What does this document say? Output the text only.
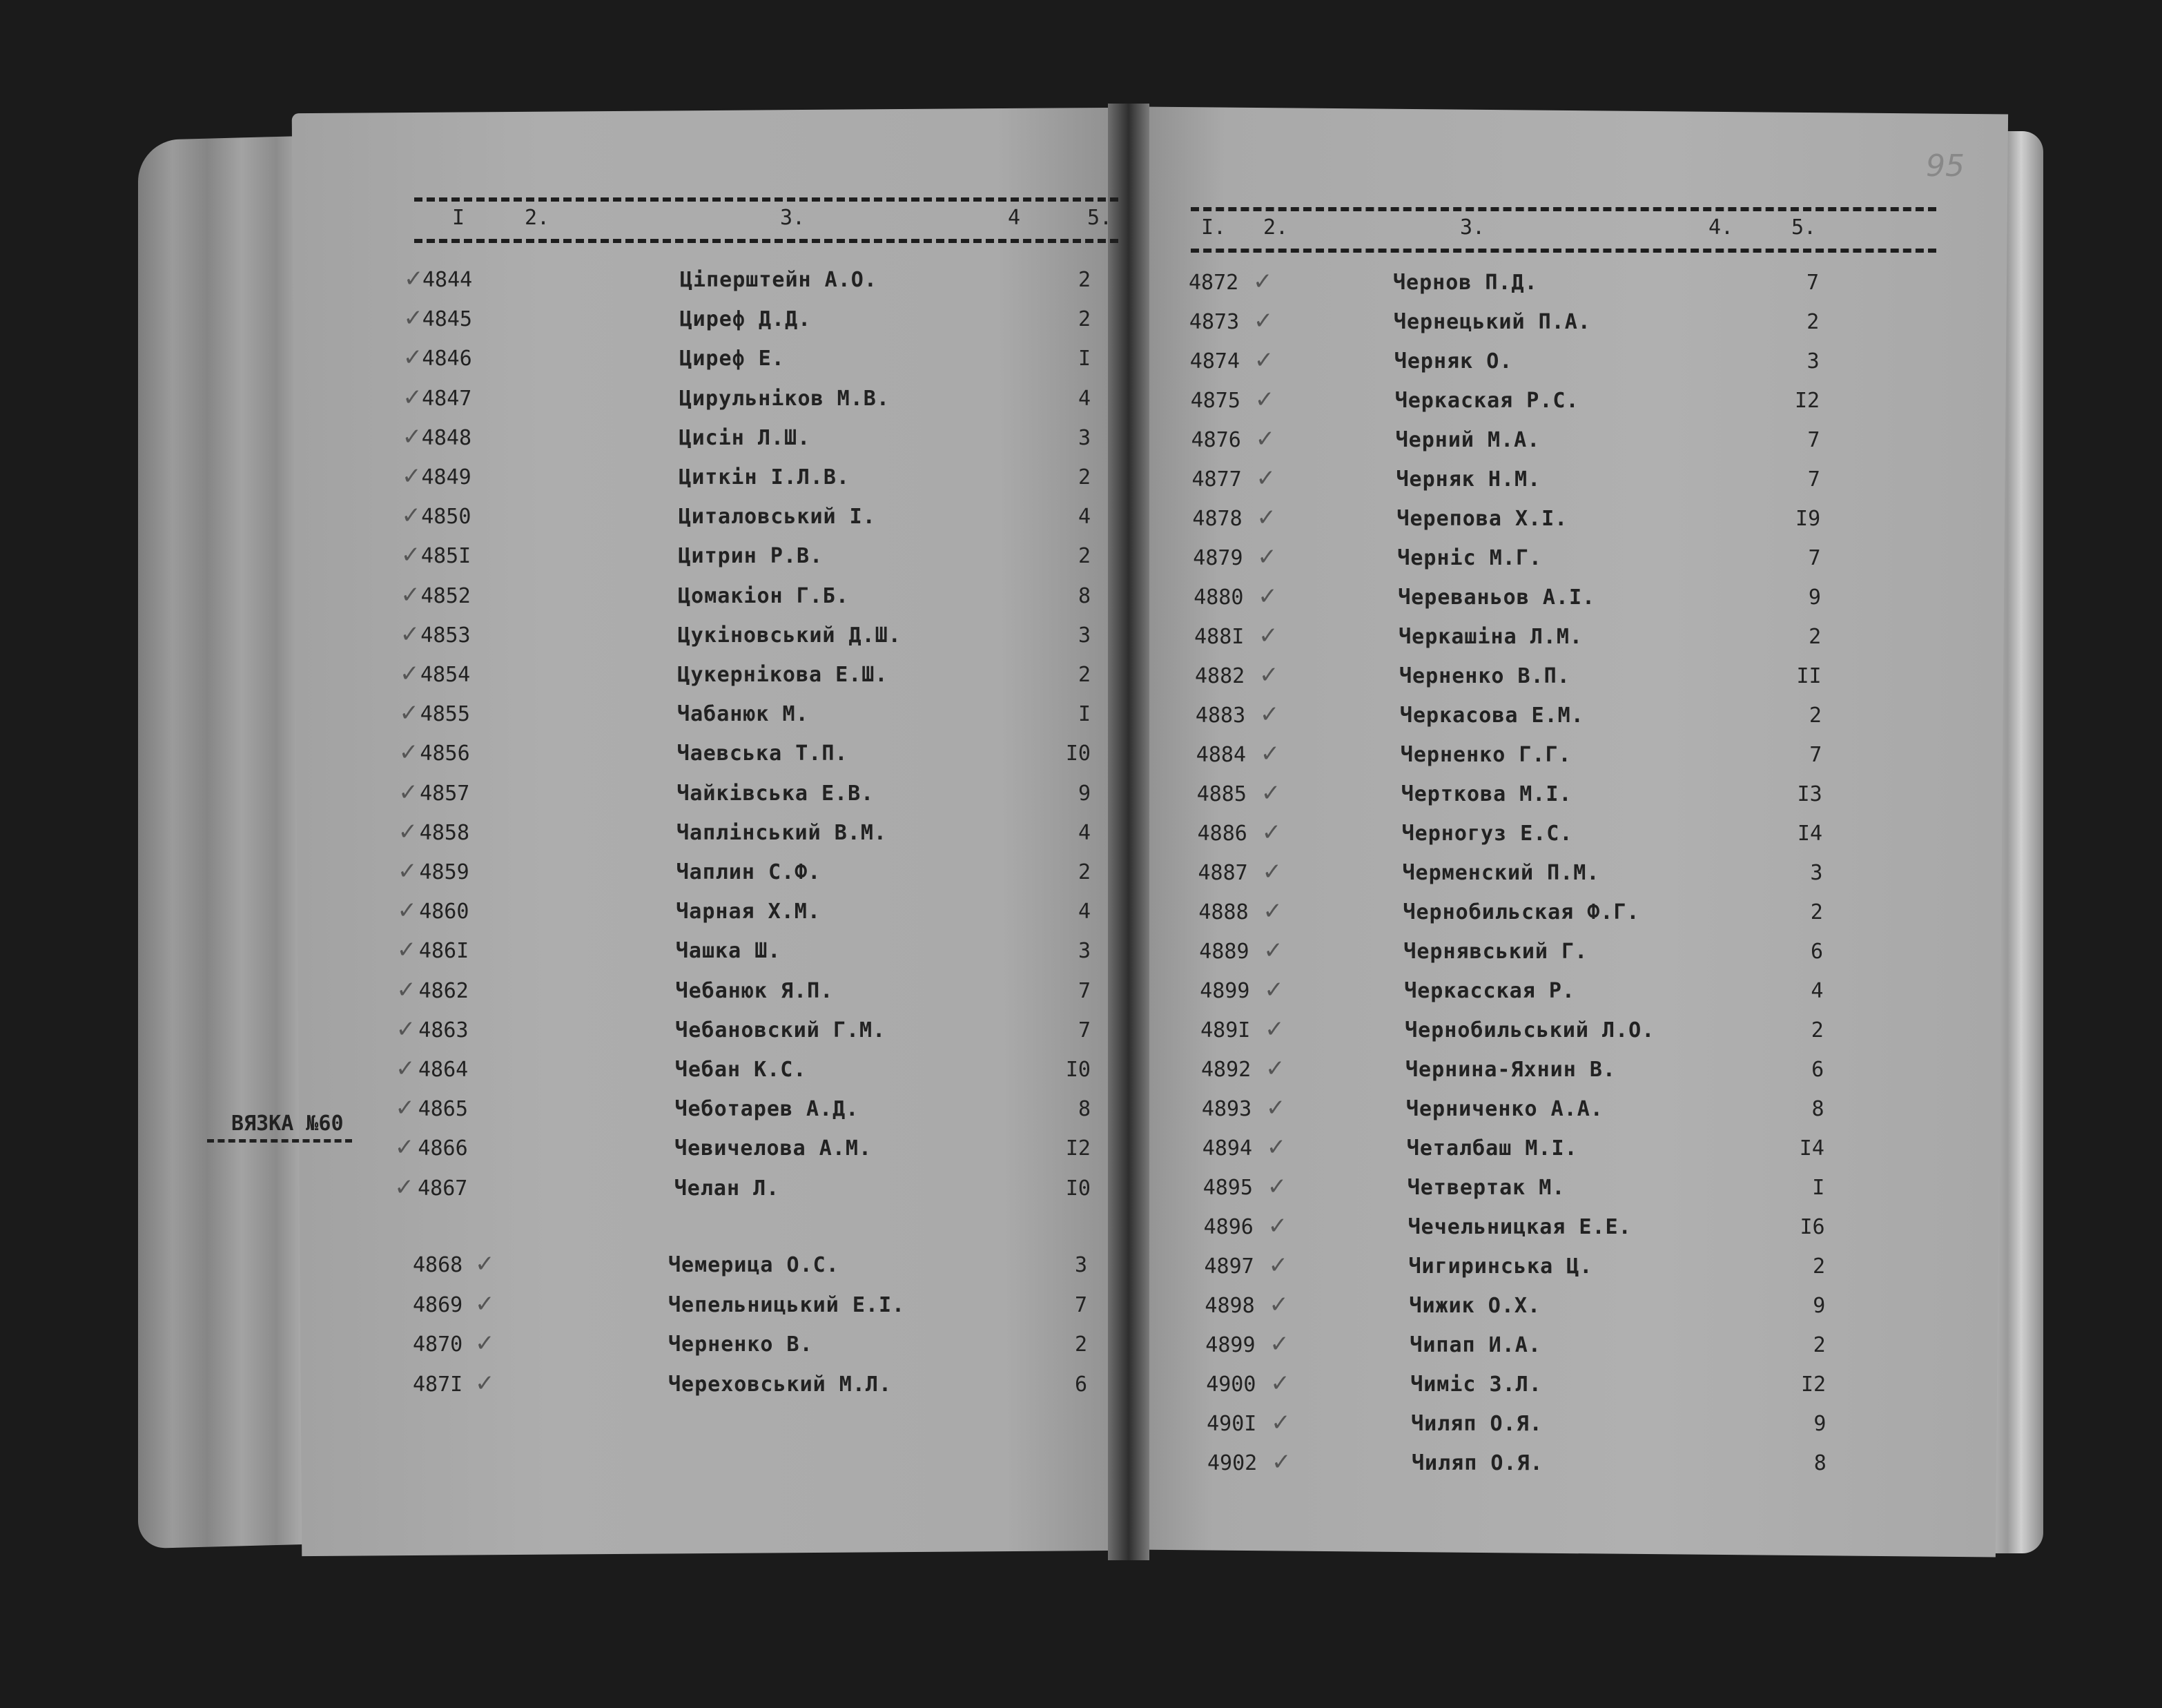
I	2.	3.	4	5.	I. 2.	3.	4.	5.
95
✓
4844	Ціперштейн А.О.	2
✓
4845	Циреф Д.Д.	2
✓ 4846	Циреф Е.	I
✓ 4847	Цирульніков М.В.	4
✓ 4848	Цисін Л.Ш.	3
✓ 4849	Циткін І.Л.В.	2
✓ 4850	Циталовський І.	4
✓ 485I	Цитрин Р.В.	2
✓ 4852	Цомакіон Г.Б.	8
✓ 4853	Цукіновський Д.Ш.	3
✓ 4854	Цукернікова Е.Ш.	2
✓ 4855	Чабанюк М.	I
✓ 4856	Чаевська Т.П.	I0
✓ 4857	Чайківська Е.В.	9
✓ 4858	Чаплінський В.М.	4
✓ 4859	Чаплин С.Ф.	2
✓ 4860	Чарная Х.М.	4
✓ 486I	Чашка Ш.	3
✓ 4862	Чебанюк Я.П.	7
✓ 4863	Чебановский Г.М.	7
✓ 4864	Чебан К.С.	I0
✓ 4865	Чеботарев А.Д.	8
✓ 4866	Чевичелова А.М.	I2
✓ 4867	Челан Л.	I0
ВЯЗКА №60
✓
4868	Чемерица О.С.	3
✓
4869	Чепельницький Е.І.	7
✓
4870	Черненко В.	2
✓
487I	Череховський М.Л.	6
✓
4872	Чернов П.Д.	7
✓
4873	Чернецький П.А.	2
✓
4874	Черняк О.	3
✓
4875	Черкаская Р.С.	I2
✓
4876	Черний М.А.	7
✓
4877	Черняк Н.М.	7
✓
4878	Черепова Х.І.	I9
✓
4879	Черніс М.Г.	7
✓
4880	Череваньов А.І.	9
✓
488I	Черкашіна Л.М.	2
✓
4882	Черненко В.П.	II
✓
4883	Черкасова Е.М.	2
✓
4884	Черненко Г.Г.	7
✓
4885	Черткова М.І.	I3
✓
4886	Черногуз Е.С.	I4
✓
4887	Черменский П.М.	3
✓
4888	Чернобильская Ф.Г.	2
✓
4889	Чернявський Г.	6
✓
4899	Черкасская Р.	4
✓
489I	Чернобильський Л.О.	2
✓
4892	Чернина-Яхнин В.	6
✓
4893	Черниченко А.А.	8
✓
4894	Четалбаш М.І.	I4
✓
4895	Четвертак М.	I
✓
4896	Чечельницкая Е.Е.	I6
✓
4897	Чигиринська Ц.	2
✓
4898	Чижик О.Х.	9
✓
4899	Чипап И.А.	2
✓
4900	Чиміс З.Л.	I2
✓
490I	Чиляп О.Я.	9
✓
4902	Чиляп О.Я.	8
